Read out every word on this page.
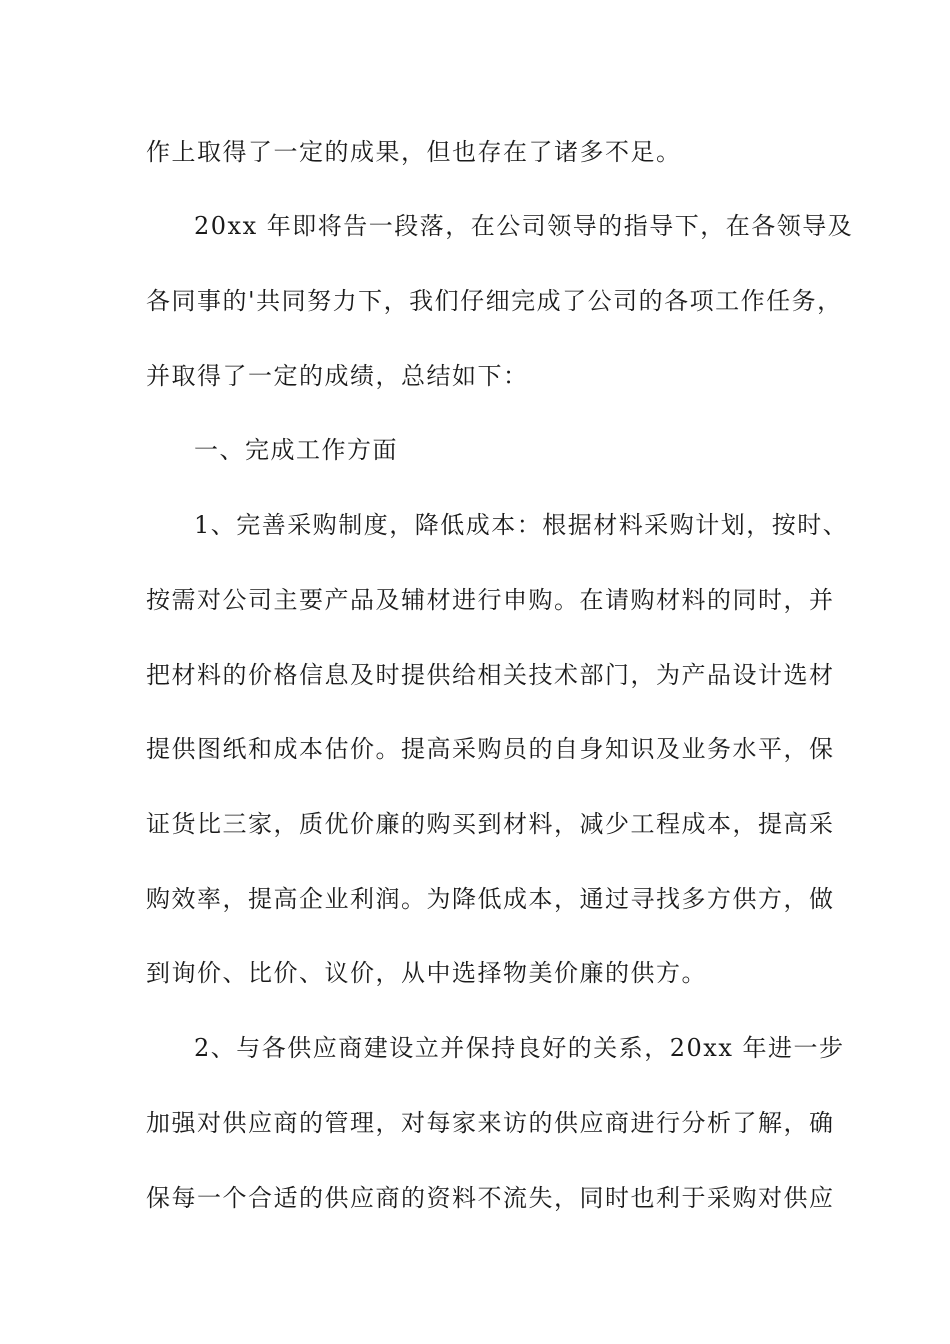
作上取得了一定的成果，但也存在了诸多不足。
20xx 年即将告一段落，在公司领导的指导下，在各领导及
各同事的'共同努力下，我们仔细完成了公司的各项工作任务，
并取得了一定的成绩，总结如下：
一、完成工作方面
1、完善采购制度，降低成本：根据材料采购计划，按时、
按需对公司主要产品及辅材进行申购。在请购材料的同时，并
把材料的价格信息及时提供给相关技术部门，为产品设计选材
提供图纸和成本估价。提高采购员的自身知识及业务水平，保
证货比三家，质优价廉的购买到材料，减少工程成本，提高采
购效率，提高企业利润。为降低成本，通过寻找多方供方，做
到询价、比价、议价，从中选择物美价廉的供方。
2、与各供应商建设立并保持良好的关系，20xx 年进一步
加强对供应商的管理，对每家来访的供应商进行分析了解，确
保每一个合适的供应商的资料不流失，同时也利于采购对供应
